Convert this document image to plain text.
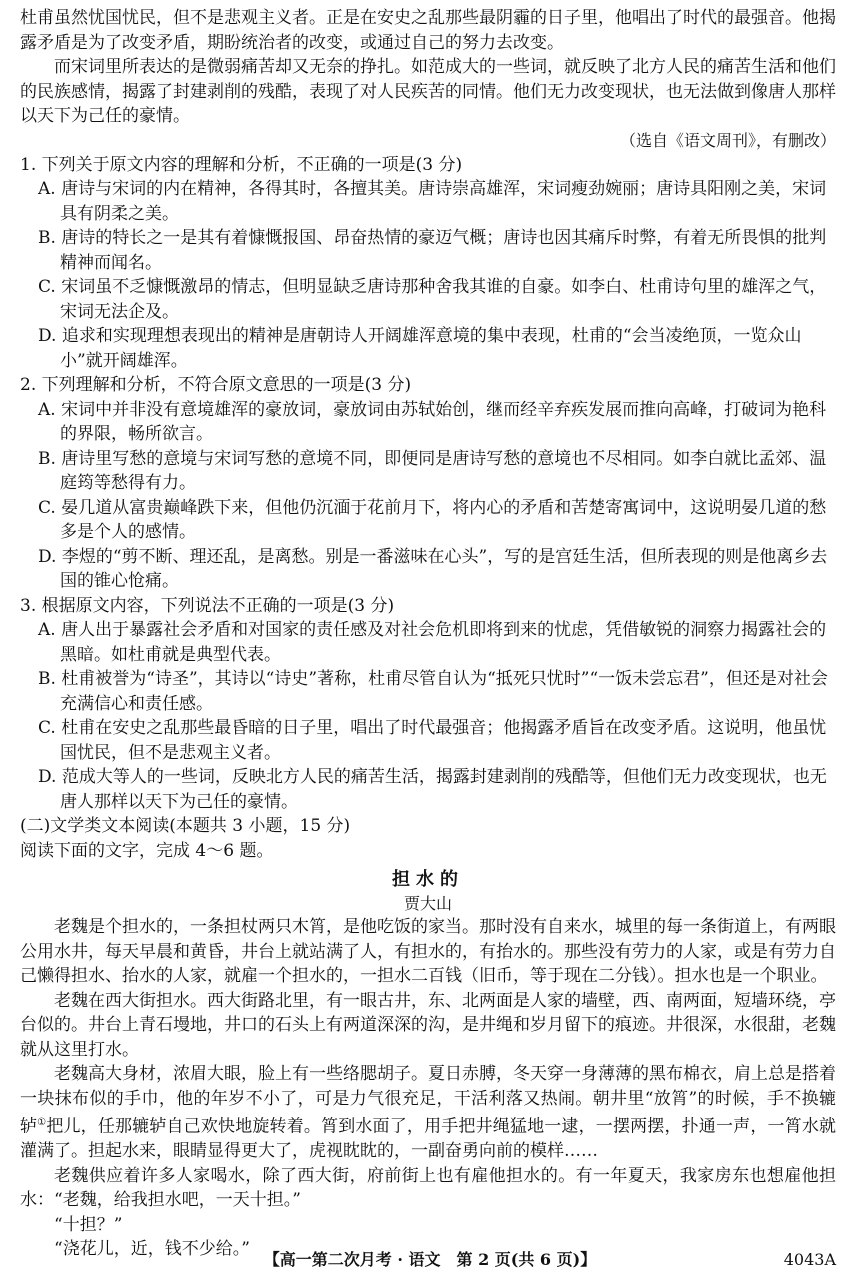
杜甫虽然忧国忧民，但不是悲观主义者。正是在安史之乱那些最阴霾的日子里，他唱出了时代的最强音。他揭露矛盾是为了改变矛盾，期盼统治者的改变，或通过自己的努力去改变。

而宋词里所表达的是微弱痛苦却又无奈的挣扎。如范成大的一些词，就反映了北方人民的痛苦生活和他们的民族感情，揭露了封建剥削的残酷，表现了对人民疾苦的同情。他们无力改变现状，也无法做到像唐人那样以天下为己任的豪情。

（选自《语文周刊》，有删改）

1. 下列关于原文内容的理解和分析，不正确的一项是(3 分)

A. 唐诗与宋词的内在精神，各得其时，各擅其美。唐诗崇高雄浑，宋词瘦劲婉丽；唐诗具阳刚之美，宋词具有阴柔之美。

B. 唐诗的特长之一是其有着慷慨报国、昂奋热情的豪迈气概；唐诗也因其痛斥时弊，有着无所畏惧的批判精神而闻名。

C. 宋词虽不乏慷慨激昂的情志，但明显缺乏唐诗那种舍我其谁的自豪。如李白、杜甫诗句里的雄浑之气，宋词无法企及。

D. 追求和实现理想表现出的精神是唐朝诗人开阔雄浑意境的集中表现，杜甫的“会当凌绝顶，一览众山小”就开阔雄浑。

2. 下列理解和分析，不符合原文意思的一项是(3 分)

A. 宋词中并非没有意境雄浑的豪放词，豪放词由苏轼始创，继而经辛弃疾发展而推向高峰，打破词为艳科的界限，畅所欲言。

B. 唐诗里写愁的意境与宋词写愁的意境不同，即便同是唐诗写愁的意境也不尽相同。如李白就比孟郊、温庭筠等愁得有力。

C. 晏几道从富贵巅峰跌下来，但他仍沉湎于花前月下，将内心的矛盾和苦楚寄寓词中，这说明晏几道的愁多是个人的感情。

D. 李煜的“剪不断、理还乱，是离愁。别是一番滋味在心头”，写的是宫廷生活，但所表现的则是他离乡去国的锥心怆痛。

3. 根据原文内容，下列说法不正确的一项是(3 分)

A. 唐人出于暴露社会矛盾和对国家的责任感及对社会危机即将到来的忧虑，凭借敏锐的洞察力揭露社会的黑暗。如杜甫就是典型代表。

B. 杜甫被誉为“诗圣”，其诗以“诗史”著称，杜甫尽管自认为“抵死只忧时”“一饭未尝忘君”，但还是对社会充满信心和责任感。

C. 杜甫在安史之乱那些最昏暗的日子里，唱出了时代最强音；他揭露矛盾旨在改变矛盾。这说明，他虽忧国忧民，但不是悲观主义者。

D. 范成大等人的一些词，反映北方人民的痛苦生活，揭露封建剥削的残酷等，但他们无力改变现状，也无唐人那样以天下为己任的豪情。

(二)文学类文本阅读(本题共 3 小题，15 分)

阅读下面的文字，完成 4～6 题。

担水的

贾大山

老魏是个担水的，一条担杖两只木筲，是他吃饭的家当。那时没有自来水，城里的每一条街道上，有两眼公用水井，每天早晨和黄昏，井台上就站满了人，有担水的，有抬水的。那些没有劳力的人家，或是有劳力自己懒得担水、抬水的人家，就雇一个担水的，一担水二百钱（旧币，等于现在二分钱）。担水也是一个职业。

老魏在西大街担水。西大街路北里，有一眼古井，东、北两面是人家的墙壁，西、南两面，短墙环绕，亭台似的。井台上青石墁地，井口的石头上有两道深深的沟，是井绳和岁月留下的痕迹。井很深，水很甜，老魏就从这里打水。

老魏高大身材，浓眉大眼，脸上有一些络腮胡子。夏日赤膊，冬天穿一身薄薄的黑布棉衣，肩上总是搭着一块抹布似的手巾，他的年岁不小了，可是力气很充足，干活利落又热闹。朝井里“放筲”的时候，手不换辘轳①把儿，任那辘轳自己欢快地旋转着。筲到水面了，用手把井绳猛地一逮，一摆两摆，扑通一声，一筲水就灌满了。担起水来，眼睛显得更大了，虎视眈眈的，一副奋勇向前的模样……

老魏供应着许多人家喝水，除了西大街，府前街上也有雇他担水的。有一年夏天，我家房东也想雇他担水：“老魏，给我担水吧，一天十担。”

“十担？”

“浇花儿，近，钱不少给。”

【高一第二次月考 · 语文　第 2 页(共 6 页)】	4043A
